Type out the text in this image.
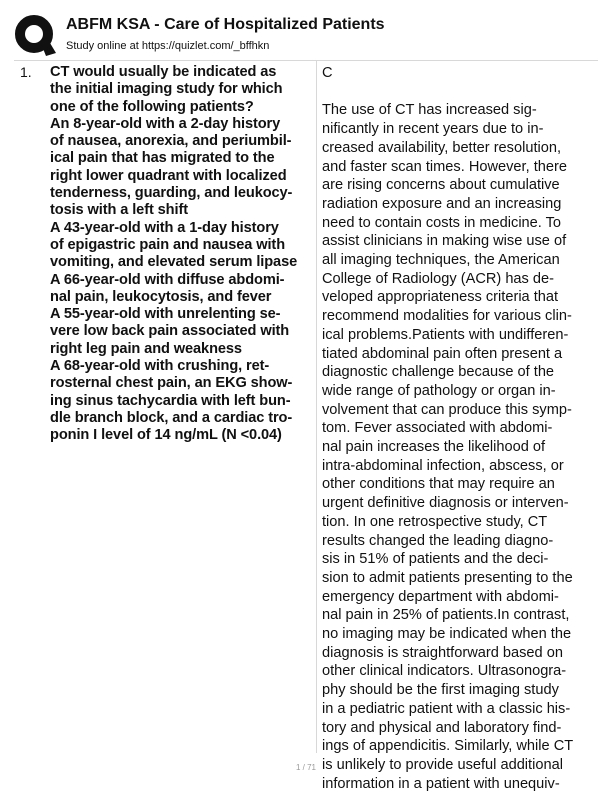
ABFM KSA - Care of Hospitalized Patients
Study online at https://quizlet.com/_bffhkn
1. CT would usually be indicated as
the initial imaging study for which
one of the following patients?
An 8-year-old with a 2-day history
of nausea, anorexia, and periumbil-
ical pain that has migrated to the
right lower quadrant with localized
tenderness, guarding, and leukocy-
tosis with a left shift
A 43-year-old with a 1-day history
of epigastric pain and nausea with
vomiting, and elevated serum lipase
A 66-year-old with diffuse abdomi-
nal pain, leukocytosis, and fever
A 55-year-old with unrelenting se-
vere low back pain associated with
right leg pain and weakness
A 68-year-old with crushing, ret-
rosternal chest pain, an EKG show-
ing sinus tachycardia with left bun-
dle branch block, and a cardiac tro-
ponin I level of 14 ng/mL (N <0.04)
C
The use of CT has increased sig-
nificantly in recent years due to in-
creased availability, better resolution,
and faster scan times. However, there
are rising concerns about cumulative
radiation exposure and an increasing
need to contain costs in medicine. To
assist clinicians in making wise use of
all imaging techniques, the American
College of Radiology (ACR) has de-
veloped appropriateness criteria that
recommend modalities for various clin-
ical problems.Patients with undifferen-
tiated abdominal pain often present a
diagnostic challenge because of the
wide range of pathology or organ in-
volvement that can produce this symp-
tom. Fever associated with abdomi-
nal pain increases the likelihood of
intra-abdominal infection, abscess, or
other conditions that may require an
urgent definitive diagnosis or interven-
tion. In one retrospective study, CT
results changed the leading diagno-
sis in 51% of patients and the deci-
sion to admit patients presenting to the
emergency department with abdomi-
nal pain in 25% of patients.In contrast,
no imaging may be indicated when the
diagnosis is straightforward based on
other clinical indicators. Ultrasonogra-
phy should be the first imaging study
in a pediatric patient with a classic his-
tory and physical and laboratory find-
ings of appendicitis. Similarly, while CT
is unlikely to provide useful additional
information in a patient with unequiv-
1 / 71
